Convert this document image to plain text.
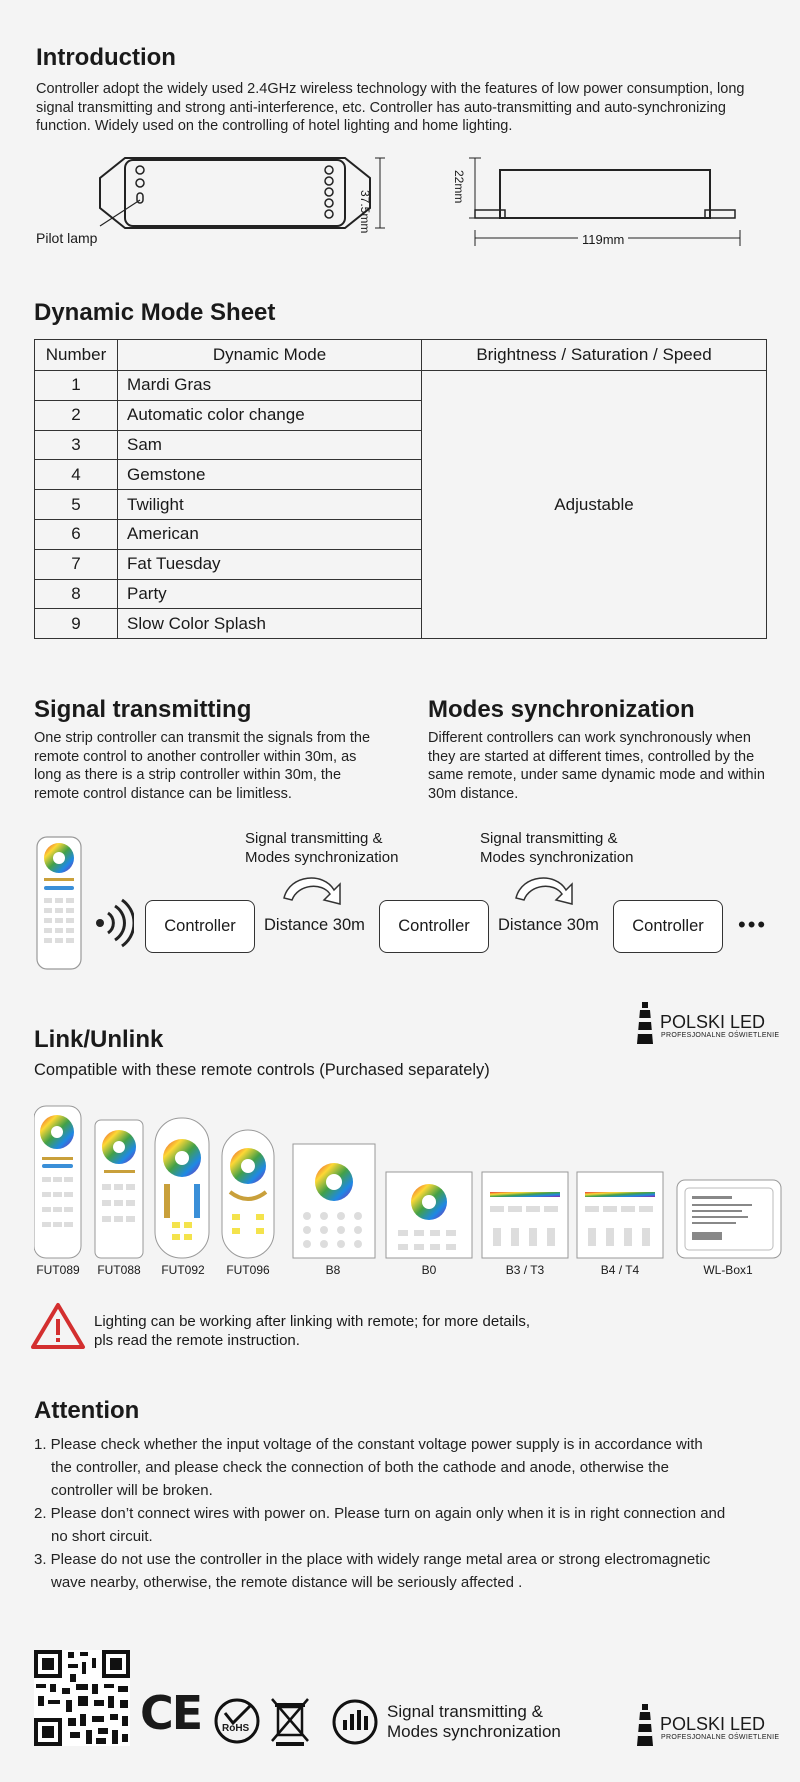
Introduction
Controller adopt the widely used 2.4GHz wireless technology with the features of low power consumption, long signal transmitting and strong anti-interference, etc. Controller has auto-transmitting and auto-synchronizing function. Widely used on the controlling of hotel lighting and home lighting.
Pilot lamp
37.5mm
22mm
119mm
Dynamic Mode Sheet
Number	Dynamic Mode	Brightness / Saturation / Speed
1	Mardi Gras	Adjustable
2	Automatic color change	
3	Sam	
4	Gemstone	
5	Twilight	
6	American	
7	Fat Tuesday	
8	Party	
9	Slow Color Splash	
Signal transmitting
One strip controller can transmit the signals from the remote control to another controller within 30m, as long as there is a strip controller within 30m, the remote control distance can be limitless.
Modes synchronization
Different controllers can work synchronously when they are started at different times, controlled by the same remote, under same dynamic mode and within 30m distance.
Controller	Distance 30m	Controller	Distance 30m	Controller	•••
Signal transmitting &
Modes synchronization
Signal transmitting &
Modes synchronization
POLSKI LED
PROFESJONALNE OŚWIETLENIE
Link/Unlink
Compatible with these remote controls (Purchased separately)
FUT089	FUT088	FUT092	FUT096	B8	B0	B3 / T3	B4 / T4	WL-Box1
Lighting can be working after linking with remote; for more details,
pls read the remote instruction.
Attention
1. Please check whether the input voltage of the constant voltage power supply is in accordance with
the controller, and please check the connection of both the cathode and anode, otherwise the
controller will be broken.
2. Please don’t connect wires with power on. Please turn on again only when it is in right connection and
no short circuit.
3. Please do not use the controller in the place with widely range metal area or strong electromagnetic
wave nearby, otherwise, the remote distance will be seriously affected .
CE RoHS
Signal transmitting &
Modes synchronization	POLSKI LED
PROFESJONALNE OŚWIETLENIE
